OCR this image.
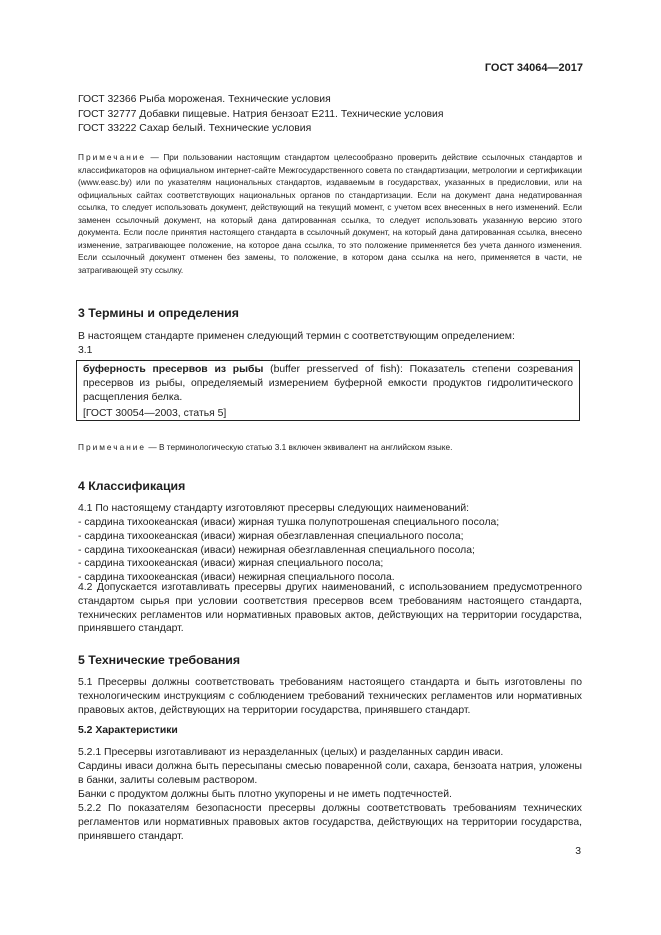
ГОСТ 34064—2017
ГОСТ 32366 Рыба мороженая. Технические условия
ГОСТ 32777 Добавки пищевые. Натрия бензоат Е211. Технические условия
ГОСТ 33222 Сахар белый. Технические условия
Примечание — При пользовании настоящим стандартом целесообразно проверить действие ссылочных стандартов и классификаторов на официальном интернет-сайте Межгосударственного совета по стандартизации, метрологии и сертификации (www.easc.by) или по указателям национальных стандартов, издаваемым в государствах, указанных в предисловии, или на официальных сайтах соответствующих национальных органов по стандартизации. Если на документ дана недатированная ссылка, то следует использовать документ, действующий на текущий момент, с учетом всех внесенных в него изменений. Если заменен ссылочный документ, на который дана датированная ссылка, то следует использовать указанную версию этого документа. Если после принятия настоящего стандарта в ссылочный документ, на который дана датированная ссылка, внесено изменение, затрагивающее положение, на которое дана ссылка, то это положение применяется без учета данного изменения. Если ссылочный документ отменен без замены, то положение, в котором дана ссылка на него, применяется в части, не затрагивающей эту ссылку.
3 Термины и определения
В настоящем стандарте применен следующий термин с соответствующим определением:
3.1
буферность пресервов из рыбы (buffer presserved of fish): Показатель степени созревания пресервов из рыбы, определяемый измерением буферной емкости продуктов гидролитического расщепления белка.
[ГОСТ 30054—2003, статья 5]
Примечание — В терминологическую статью 3.1 включен эквивалент на английском языке.
4 Классификация
4.1 По настоящему стандарту изготовляют пресервы следующих наименований:
- сардина тихоокеанская (иваси) жирная тушка полупотрошеная специального посола;
- сардина тихоокеанская (иваси) жирная обезглавленная специального посола;
- сардина тихоокеанская (иваси) нежирная обезглавленная специального посола;
- сардина тихоокеанская (иваси) жирная специального посола;
- сардина тихоокеанская (иваси) нежирная специального посола.
4.2 Допускается изготавливать пресервы других наименований, с использованием предусмотренного стандартом сырья при условии соответствия пресервов всем требованиям настоящего стандарта, технических регламентов или нормативных правовых актов, действующих на территории государства, принявшего стандарт.
5 Технические требования
5.1 Пресервы должны соответствовать требованиям настоящего стандарта и быть изготовлены по технологическим инструкциям с соблюдением требований технических регламентов или нормативных правовых актов, действующих на территории государства, принявшего стандарт.
5.2 Характеристики
5.2.1 Пресервы изготавливают из неразделанных (целых) и разделанных сардин иваси.
Сардины иваси должна быть пересыпаны смесью поваренной соли, сахара, бензоата натрия, уложены в банки, залиты солевым раствором.
Банки с продуктом должны быть плотно укупорены и не иметь подтечностей.
5.2.2 По показателям безопасности пресервы должны соответствовать требованиям технических регламентов или нормативных правовых актов государства, действующих на территории государства, принявшего стандарт.
3
